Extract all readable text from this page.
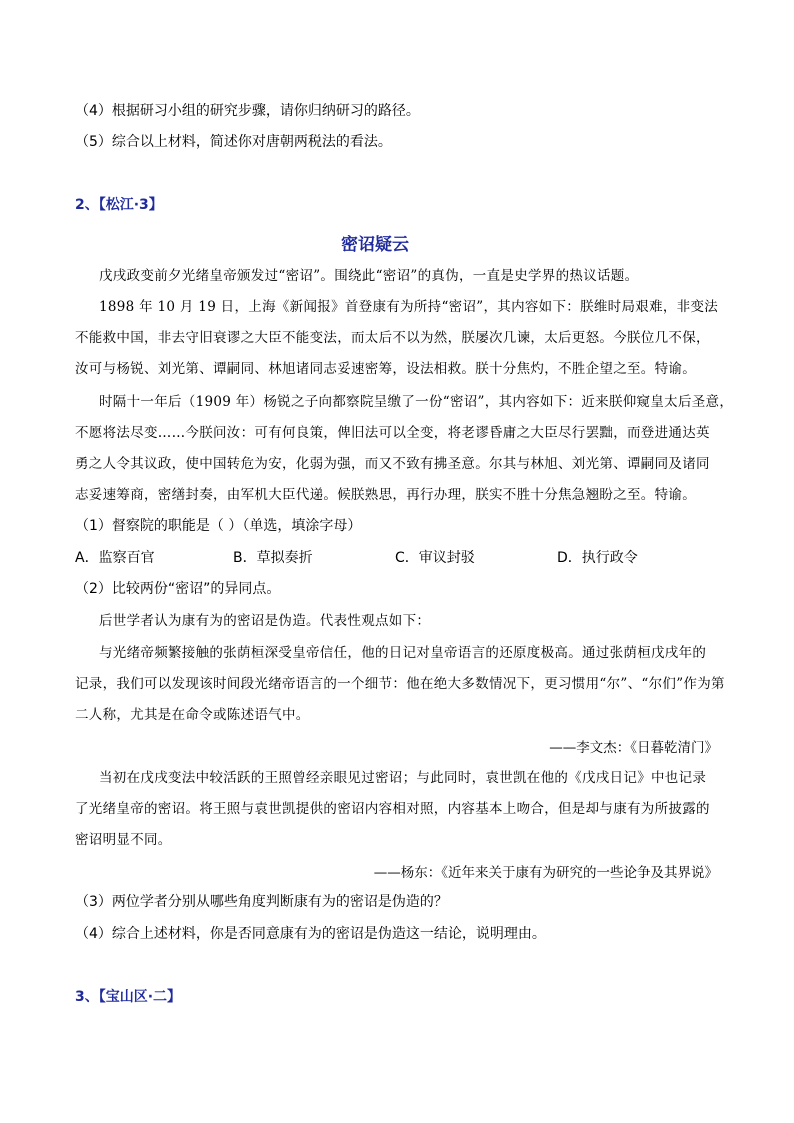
（4）根据研习小组的研究步骤，请你归纳研习的路径。

（5）综合以上材料，简述你对唐朝两税法的看法。

2、【松江·3】

密诏疑云

戊戌政变前夕光绪皇帝颁发过“密诏”。围绕此“密诏”的真伪，一直是史学界的热议话题。

1898 年 10 月 19 日，上海《新闻报》首登康有为所持“密诏”，其内容如下：朕维时局艰难，非变法

不能救中国，非去守旧衰谬之大臣不能变法，而太后不以为然，朕屡次几谏，太后更怒。今朕位几不保，

汝可与杨锐、刘光第、谭嗣同、林旭诸同志妥速密筹，设法相救。朕十分焦灼，不胜企望之至。特谕。

时隔十一年后（1909 年）杨锐之子向都察院呈缴了一份“密诏”，其内容如下：近来朕仰窥皇太后圣意，

不愿将法尽变……今朕问汝：可有何良策，俾旧法可以全变，将老谬昏庸之大臣尽行罢黜，而登进通达英

勇之人令其议政，使中国转危为安，化弱为强，而又不致有拂圣意。尔其与林旭、刘光第、谭嗣同及诸同

志妥速筹商，密缮封奏，由军机大臣代递。候朕熟思，再行办理，朕实不胜十分焦急翘盼之至。特谕。

（1）督察院的职能是（ ）（单选，填涂字母）

A．监察百官	B．草拟奏折	C．审议封驳	D．执行政令

（2）比较两份“密诏”的异同点。

后世学者认为康有为的密诏是伪造。代表性观点如下：

与光绪帝频繁接触的张荫桓深受皇帝信任，他的日记对皇帝语言的还原度极高。通过张荫桓戊戌年的

记录，我们可以发现该时间段光绪帝语言的一个细节：他在绝大多数情况下，更习惯用“尔”、“尔们”作为第

二人称，尤其是在命令或陈述语气中。

——李文杰：《日暮乾清门》

当初在戊戌变法中较活跃的王照曾经亲眼见过密诏；与此同时，袁世凯在他的《戊戌日记》中也记录

了光绪皇帝的密诏。将王照与袁世凯提供的密诏内容相对照，内容基本上吻合，但是却与康有为所披露的

密诏明显不同。

——杨东：《近年来关于康有为研究的一些论争及其界说》

（3）两位学者分别从哪些角度判断康有为的密诏是伪造的？

（4）综合上述材料，你是否同意康有为的密诏是伪造这一结论，说明理由。

3、【宝山区·二】
